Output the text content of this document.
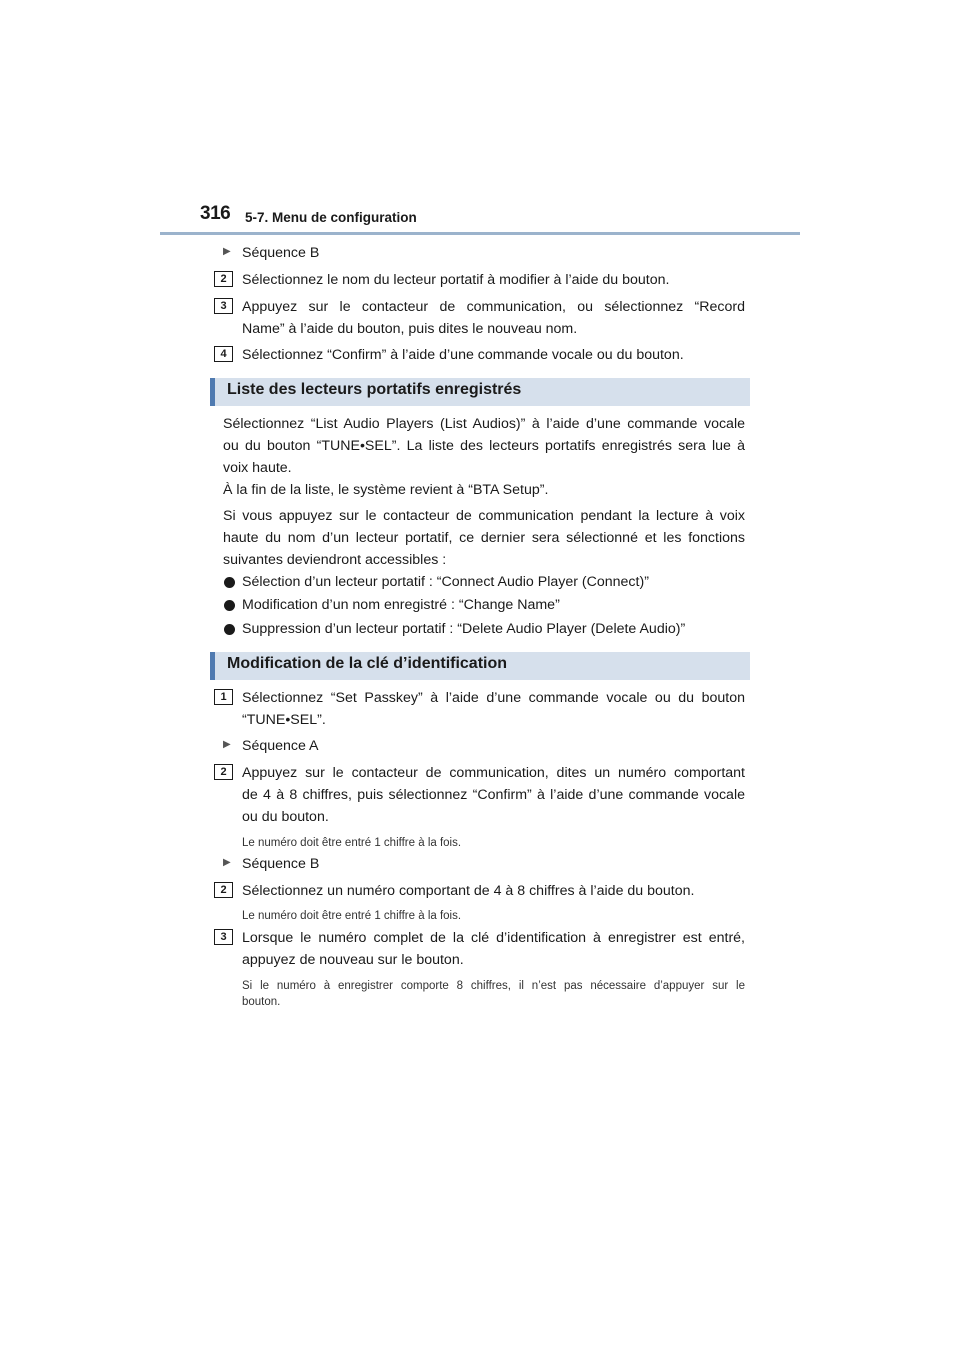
316 5-7. Menu de configuration
▶ Séquence B
2	Sélectionnez le nom du lecteur portatif à modifier à l’aide du bouton.
3	Appuyez sur le contacteur de communication, ou sélectionnez “Record
Name” à l’aide du bouton, puis dites le nouveau nom.
4	Sélectionnez “Confirm” à l’aide d’une commande vocale ou du bouton.
Liste des lecteurs portatifs enregistrés
Sélectionnez “List Audio Players (List Audios)” à l’aide d’une commande vocale
ou du bouton “TUNE•SEL”. La liste des lecteurs portatifs enregistrés sera lue à
voix haute.
À la fin de la liste, le système revient à “BTA Setup”.
Si vous appuyez sur le contacteur de communication pendant la lecture à voix
haute du nom d’un lecteur portatif, ce dernier sera sélectionné et les fonctions
suivantes deviendront accessibles :
Sélection d’un lecteur portatif : “Connect Audio Player (Connect)”
Modification d’un nom enregistré : “Change Name”
Suppression d’un lecteur portatif : “Delete Audio Player (Delete Audio)”
Modification de la clé d’identification
1	Sélectionnez “Set Passkey” à l’aide d’une commande vocale ou du bouton
“TUNE•SEL”.
▶ Séquence A
2	Appuyez sur le contacteur de communication, dites un numéro comportant
de 4 à 8 chiffres, puis sélectionnez “Confirm” à l’aide d’une commande vocale
ou du bouton.
Le numéro doit être entré 1 chiffre à la fois.
▶ Séquence B
2	Sélectionnez un numéro comportant de 4 à 8 chiffres à l’aide du bouton.
Le numéro doit être entré 1 chiffre à la fois.
3	Lorsque le numéro complet de la clé d’identification à enregistrer est entré,
appuyez de nouveau sur le bouton.
Si le numéro à enregistrer comporte 8 chiffres, il n’est pas nécessaire d’appuyer sur le
bouton.
